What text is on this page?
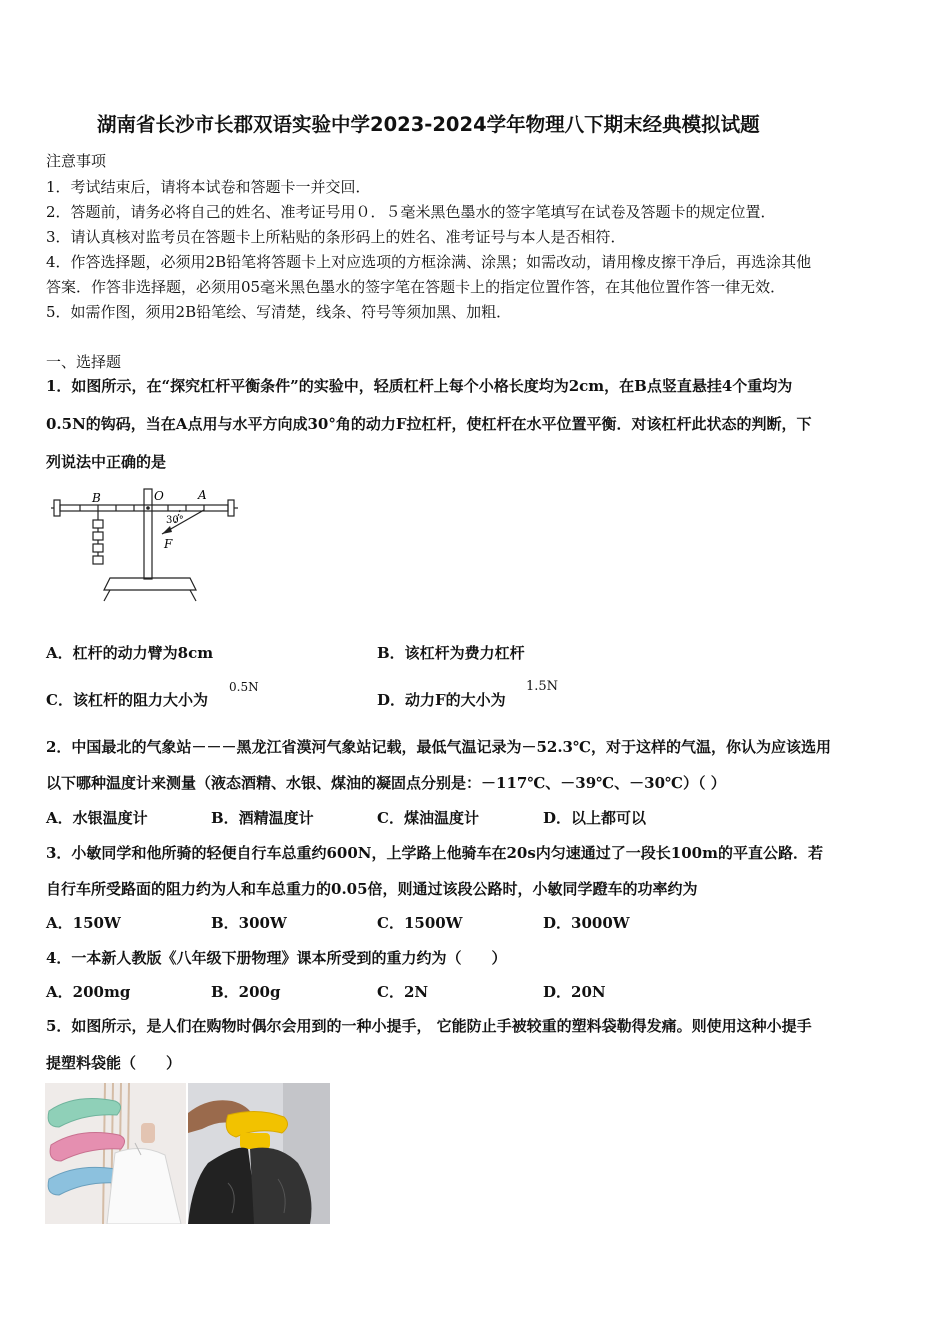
湖南省长沙市长郡双语实验中学2023-2024学年物理八下期末经典模拟试题
注意事项
1．考试结束后，请将本试卷和答题卡一并交回．
2．答题前，请务必将自己的姓名、准考证号用０．５毫米黑色墨水的签字笔填写在试卷及答题卡的规定位置．
3．请认真核对监考员在答题卡上所粘贴的条形码上的姓名、准考证号与本人是否相符．
4．作答选择题，必须用2B铅笔将答题卡上对应选项的方框涂满、涂黑；如需改动，请用橡皮擦干净后，再选涂其他
答案．作答非选择题，必须用05毫米黑色墨水的签字笔在答题卡上的指定位置作答，在其他位置作答一律无效．
5．如需作图，须用2B铅笔绘、写清楚，线条、符号等须加黑、加粗．
一、选择题
1．如图所示，在“探究杠杆平衡条件”的实验中，轻质杠杆上每个小格长度均为2cm，在B点竖直悬挂4个重均为
0.5N的钩码，当在A点用与水平方向成30°角的动力F拉杠杆，使杠杆在水平位置平衡．对该杠杆此状态的判断，下
列说法中正确的是
B	O	A
30°
F
A．杠杆的动力臂为8cm	B．该杠杆为费力杠杆
C．该杠杆的阻力大小为
0.5N
D．动力F的大小为
1.5N
2．中国最北的气象站－－－黑龙江省漠河气象站记载，最低气温记录为－52.3℃，对于这样的气温，你认为应该选用
以下哪种温度计来测量（液态酒精、水银、煤油的凝固点分别是：－117℃、－39℃、－30℃）（ ）
A．水银温度计	B．酒精温度计	C．煤油温度计	D．以上都可以
3．小敏同学和他所骑的轻便自行车总重约600N，上学路上他骑车在20s内匀速通过了一段长100m的平直公路．若
自行车所受路面的阻力约为人和车总重力的0.05倍，则通过该段公路时，小敏同学蹬车的功率约为
A．150W	B．300W	C．1500W	D．3000W
4．一本新人教版《八年级下册物理》课本所受到的重力约为（　　）
A．200mg	B．200g	C．2N	D．20N
5．如图所示，是人们在购物时偶尔会用到的一种小提手， 它能防止手被较重的塑料袋勒得发痛。则使用这种小提手
提塑料袋能（　　）
